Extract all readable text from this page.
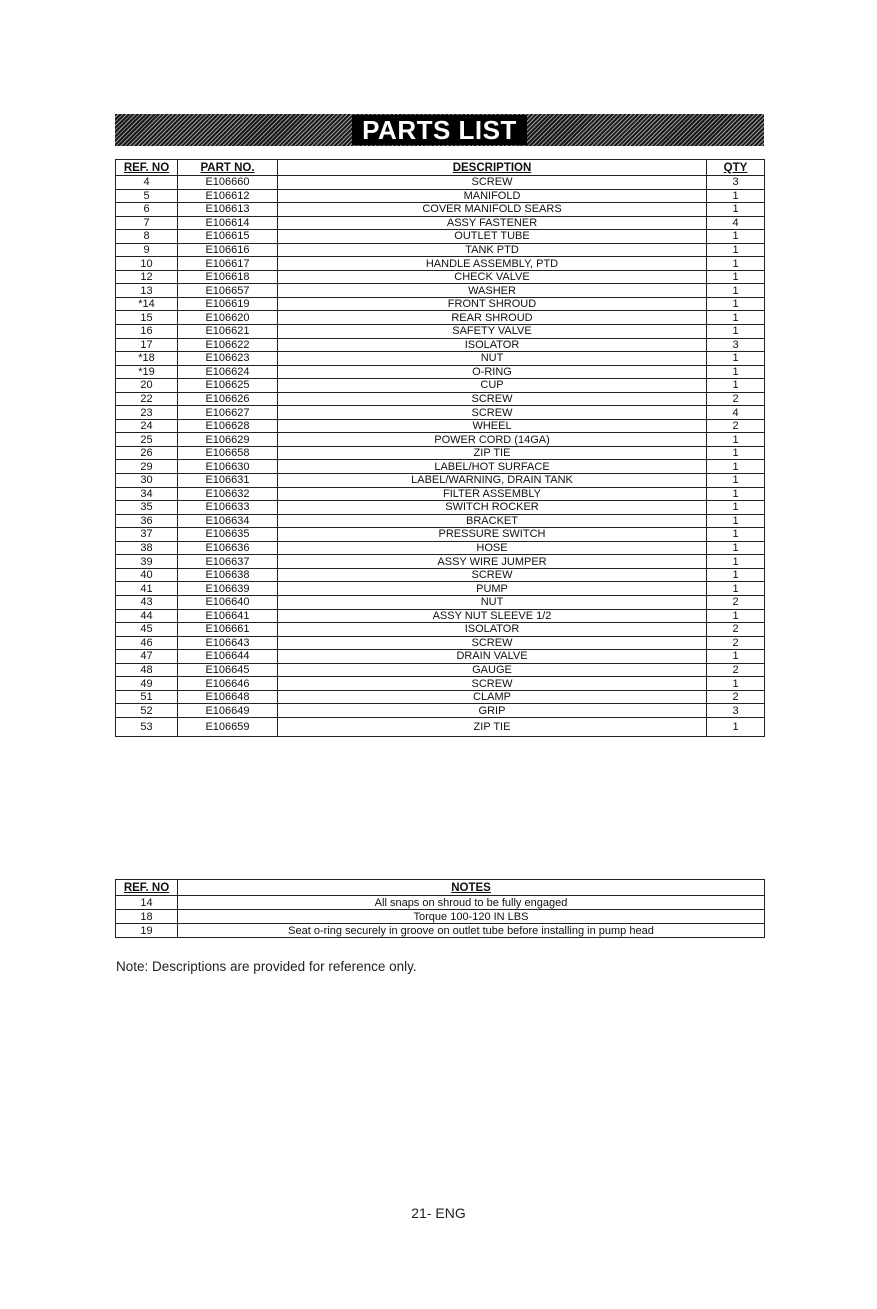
PARTS LIST
REF. NO	PART NO.	DESCRIPTION	QTY
4	E106660	SCREW	3
5	E106612	MANIFOLD	1
6	E106613	COVER MANIFOLD SEARS	1
7	E106614	ASSY FASTENER	4
8	E106615	OUTLET TUBE	1
9	E106616	TANK PTD	1
10	E106617	HANDLE ASSEMBLY, PTD	1
12	E106618	CHECK VALVE	1
13	E106657	WASHER	1
*14	E106619	FRONT SHROUD	1
15	E106620	REAR SHROUD	1
16	E106621	SAFETY VALVE	1
17	E106622	ISOLATOR	3
*18	E106623	NUT	1
*19	E106624	O-RING	1
20	E106625	CUP	1
22	E106626	SCREW	2
23	E106627	SCREW	4
24	E106628	WHEEL	2
25	E106629	POWER CORD (14GA)	1
26	E106658	ZIP TIE	1
29	E106630	LABEL/HOT SURFACE	1
30	E106631	LABEL/WARNING, DRAIN TANK	1
34	E106632	FILTER ASSEMBLY	1
35	E106633	SWITCH ROCKER	1
36	E106634	BRACKET	1
37	E106635	PRESSURE SWITCH	1
38	E106636	HOSE	1
39	E106637	ASSY WIRE JUMPER	1
40	E106638	SCREW	1
41	E106639	PUMP	1
43	E106640	NUT	2
44	E106641	ASSY NUT SLEEVE 1/2	1
45	E106661	ISOLATOR	2
46	E106643	SCREW	2
47	E106644	DRAIN VALVE	1
48	E106645	GAUGE	2
49	E106646	SCREW	1
51	E106648	CLAMP	2
52	E106649	GRIP	3
53	E106659	ZIP TIE	1
REF. NO	NOTES
14	All snaps on shroud to be fully engaged
18	Torque 100-120 IN LBS
19	Seat o-ring securely in groove on outlet tube before installing in pump head
Note: Descriptions are provided for reference only.
21- ENG
